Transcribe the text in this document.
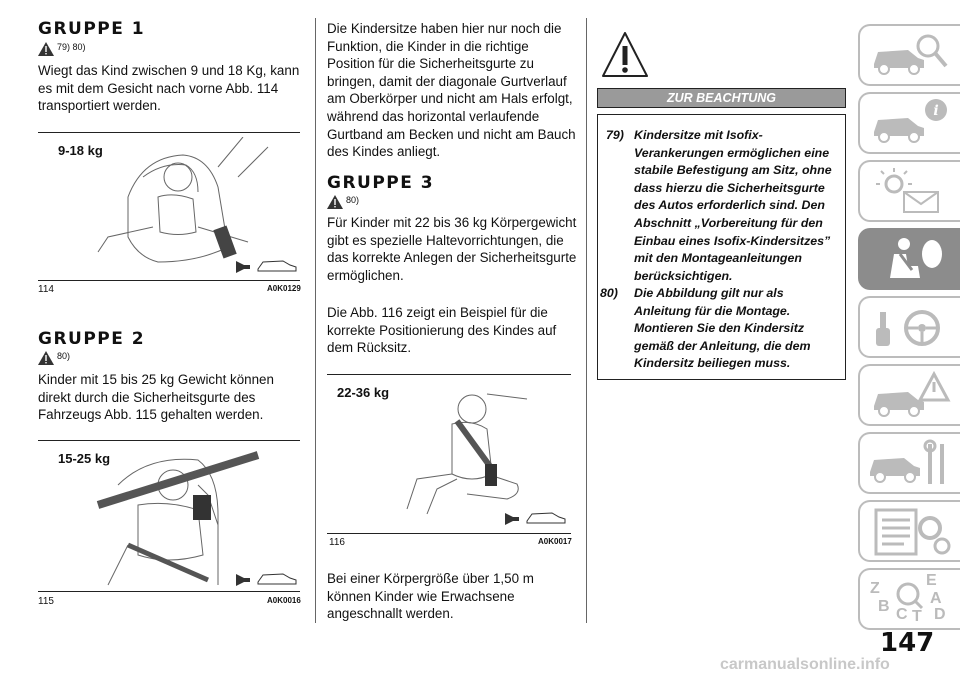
GRUPPE 1
79) 80)
Wiegt das Kind zwischen 9 und 18 Kg, kann es mit dem Gesicht nach vorne Abb. 114 transportiert werden.
9-18 kg
114	A0K0129
GRUPPE 2
80)
Kinder mit 15 bis 25 kg Gewicht können direkt durch die Sicherheitsgurte des Fahrzeugs Abb. 115 gehalten werden.
15-25 kg
115	A0K0016
Die Kindersitze haben hier nur noch die Funktion, die Kinder in die richtige Position für die Sicherheitsgurte zu bringen, damit der diagonale Gurtverlauf am Oberkörper und nicht am Hals erfolgt, während das horizontal verlaufende Gurtband am Becken und nicht am Bauch des Kindes anliegt.
GRUPPE 3
80)
Für Kinder mit 22 bis 36 kg Körpergewicht gibt es spezielle Haltevorrichtungen, die das korrekte Anlegen der Sicherheitsgurte ermöglichen.
Die Abb. 116 zeigt ein Beispiel für die korrekte Positionierung des Kindes auf dem Rücksitz.
22-36 kg
116	A0K0017
Bei einer Körpergröße über 1,50 m können Kinder wie Erwachsene angeschnallt werden.
ZUR BEACHTUNG
79) Kindersitze mit Isofix-Verankerungen ermöglichen eine stabile Befestigung am Sitz, ohne dass hierzu die Sicherheitsgurte des Autos erforderlich sind. Den Abschnitt „Vorbereitung für den Einbau eines Isofix-Kindersitzes” mit den Montageanleitungen berücksichtigen.
80)	Die Abbildung gilt nur als Anleitung für die Montage. Montieren Sie den Kindersitz gemäß der Anleitung, die dem Kindersitz beiliegen muss.
i
Z	E
A
B C T D
147
carmanualsonline.info
